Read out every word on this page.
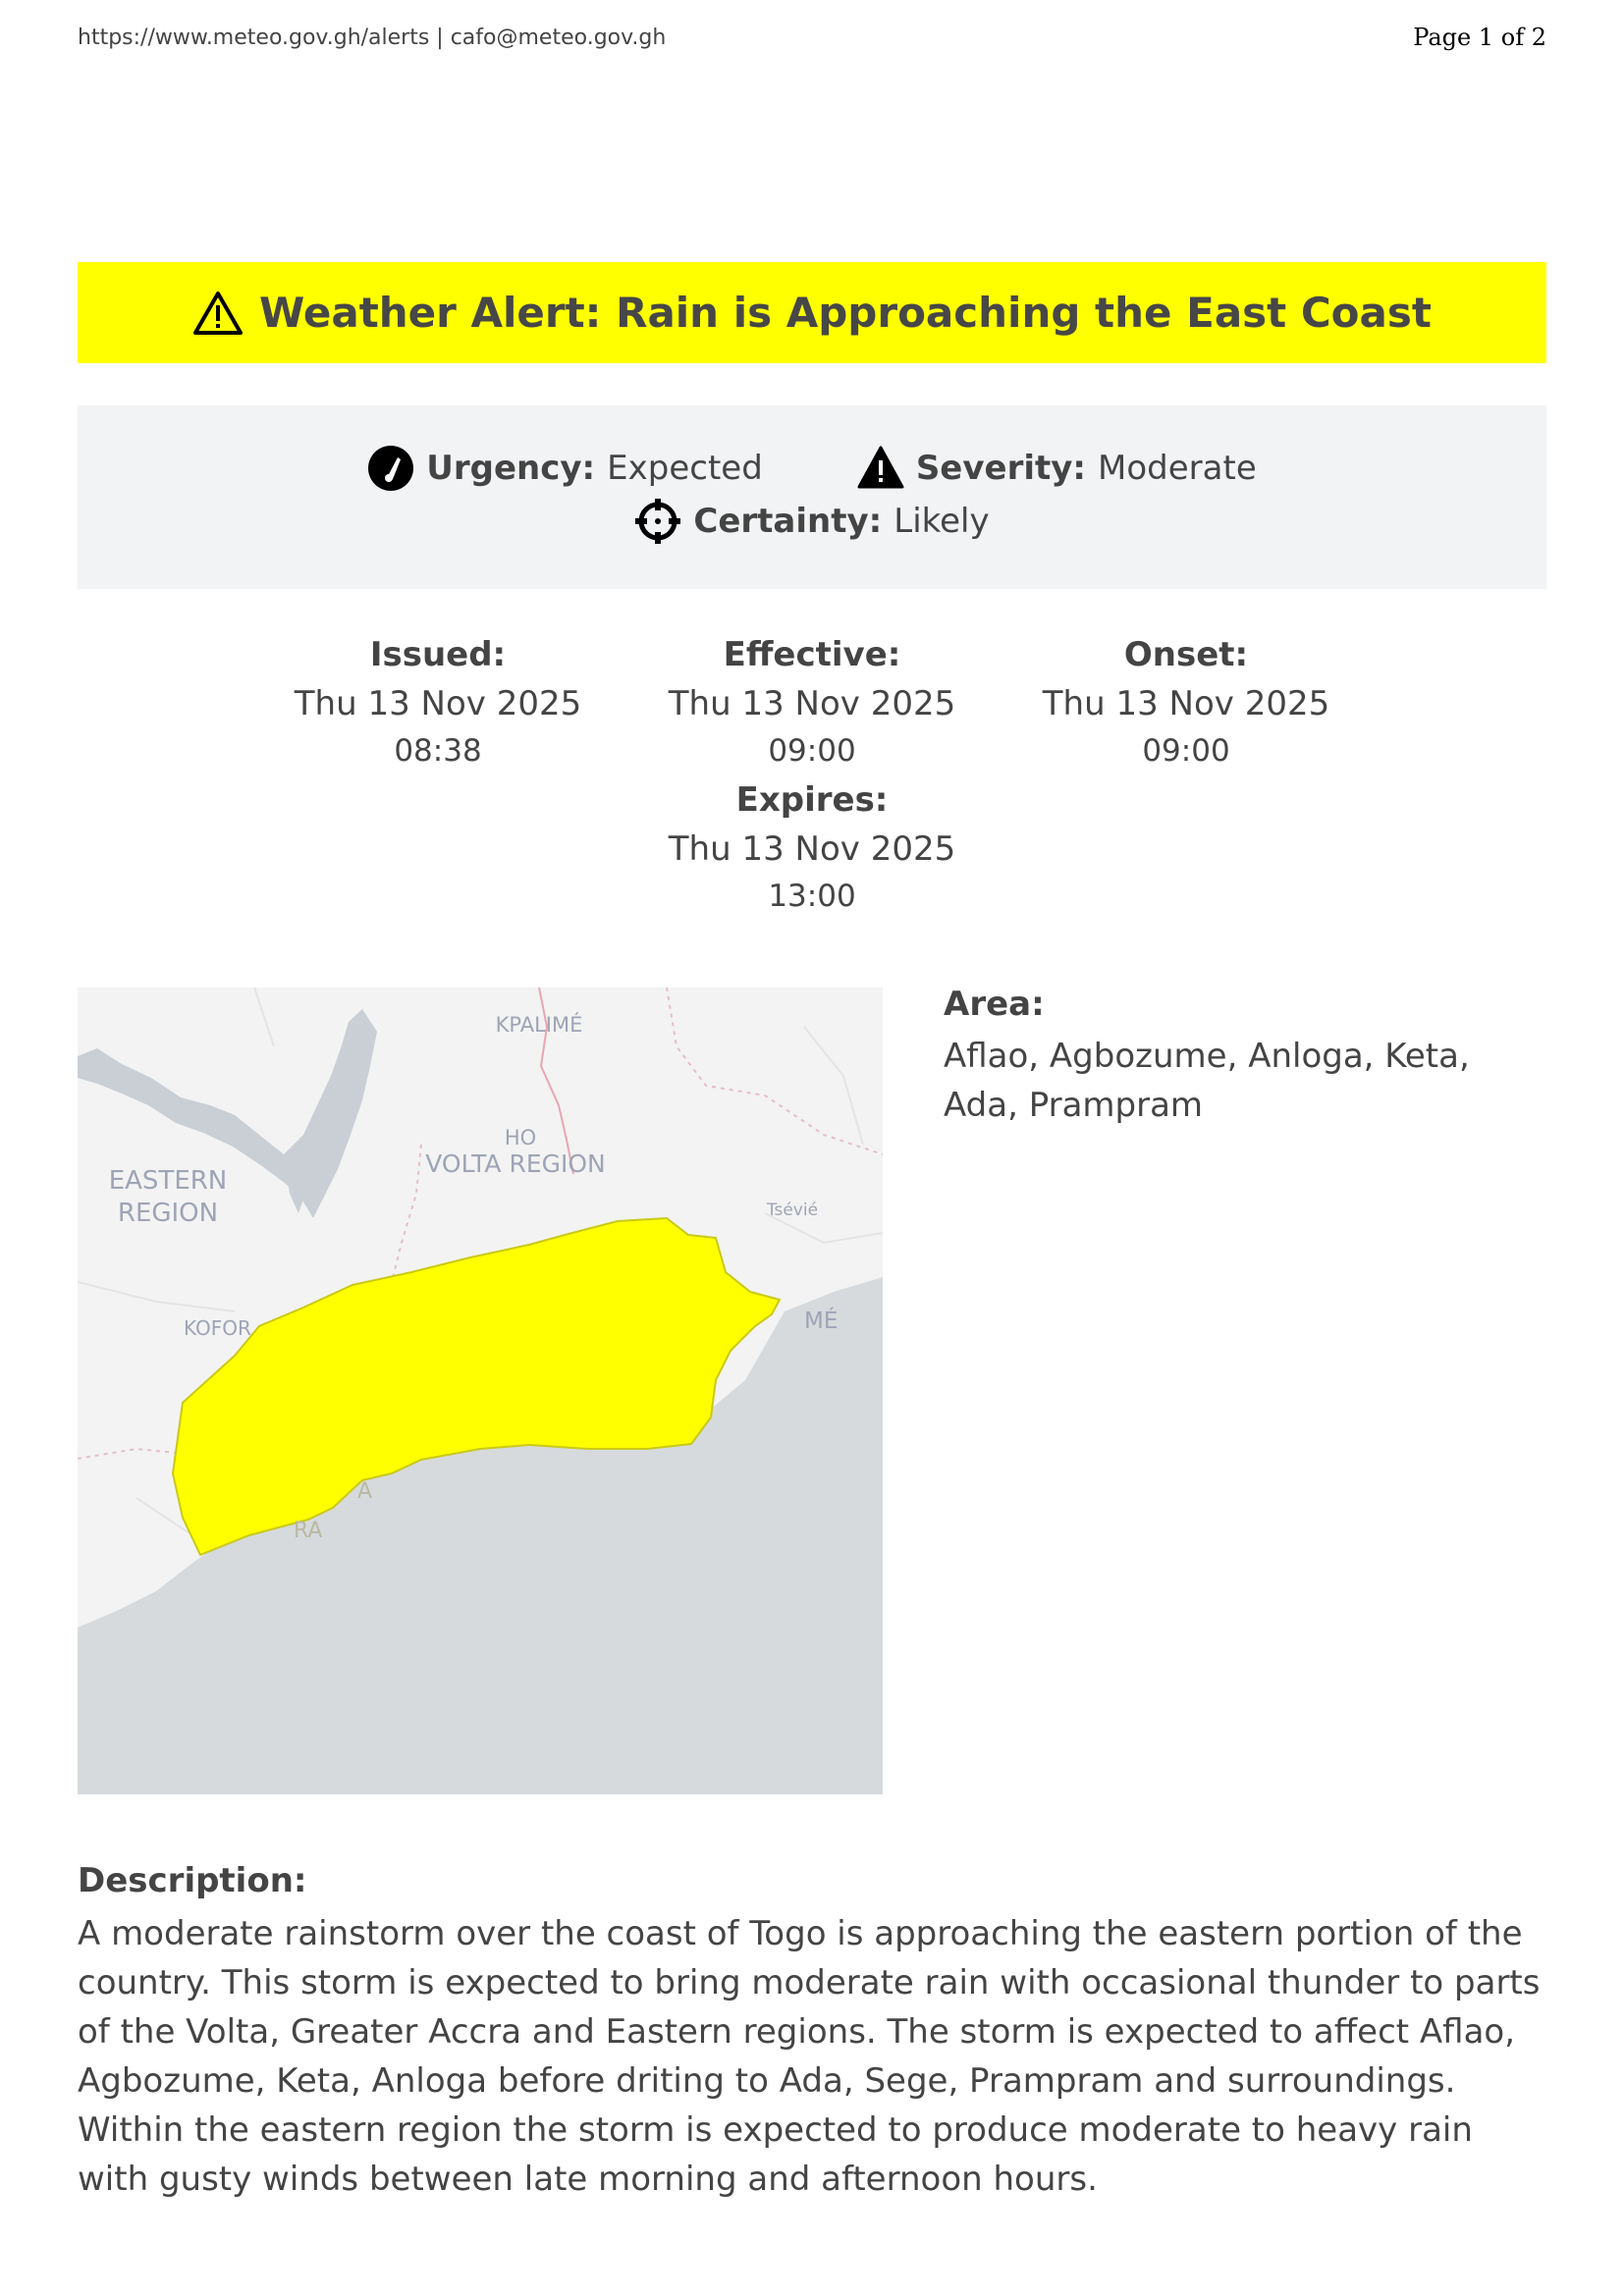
https://www.meteo.gov.gh/alerts | cafo@meteo.gov.gh	Page 1 of 2
Weather Alert: Rain is Approaching the East Coast
Urgency: Expected	Severity: Moderate
Certainty: Likely
Issued:
Thu 13 Nov 2025
08:38
Effective:
Thu 13 Nov 2025
09:00
Onset:
Thu 13 Nov 2025
09:00
Expires:
Thu 13 Nov 2025
13:00
KPALIMÉ
HO
VOLTA REGION
EASTERN
REGION	Tsévié
KOFOR	MÉ
A
RA
Area:
Aflao, Agbozume, Anloga, Keta, Ada, Prampram
Description:
A moderate rainstorm over the coast of Togo is approaching the eastern portion of the country. This storm is expected to bring moderate rain with occasional thunder to parts of the Volta, Greater Accra and Eastern regions. The storm is expected to affect Aflao, Agbozume, Keta, Anloga before driting to Ada, Sege, Prampram and surroundings. Within the eastern region the storm is expected to produce moderate to heavy rain with gusty winds between late morning and afternoon hours.
